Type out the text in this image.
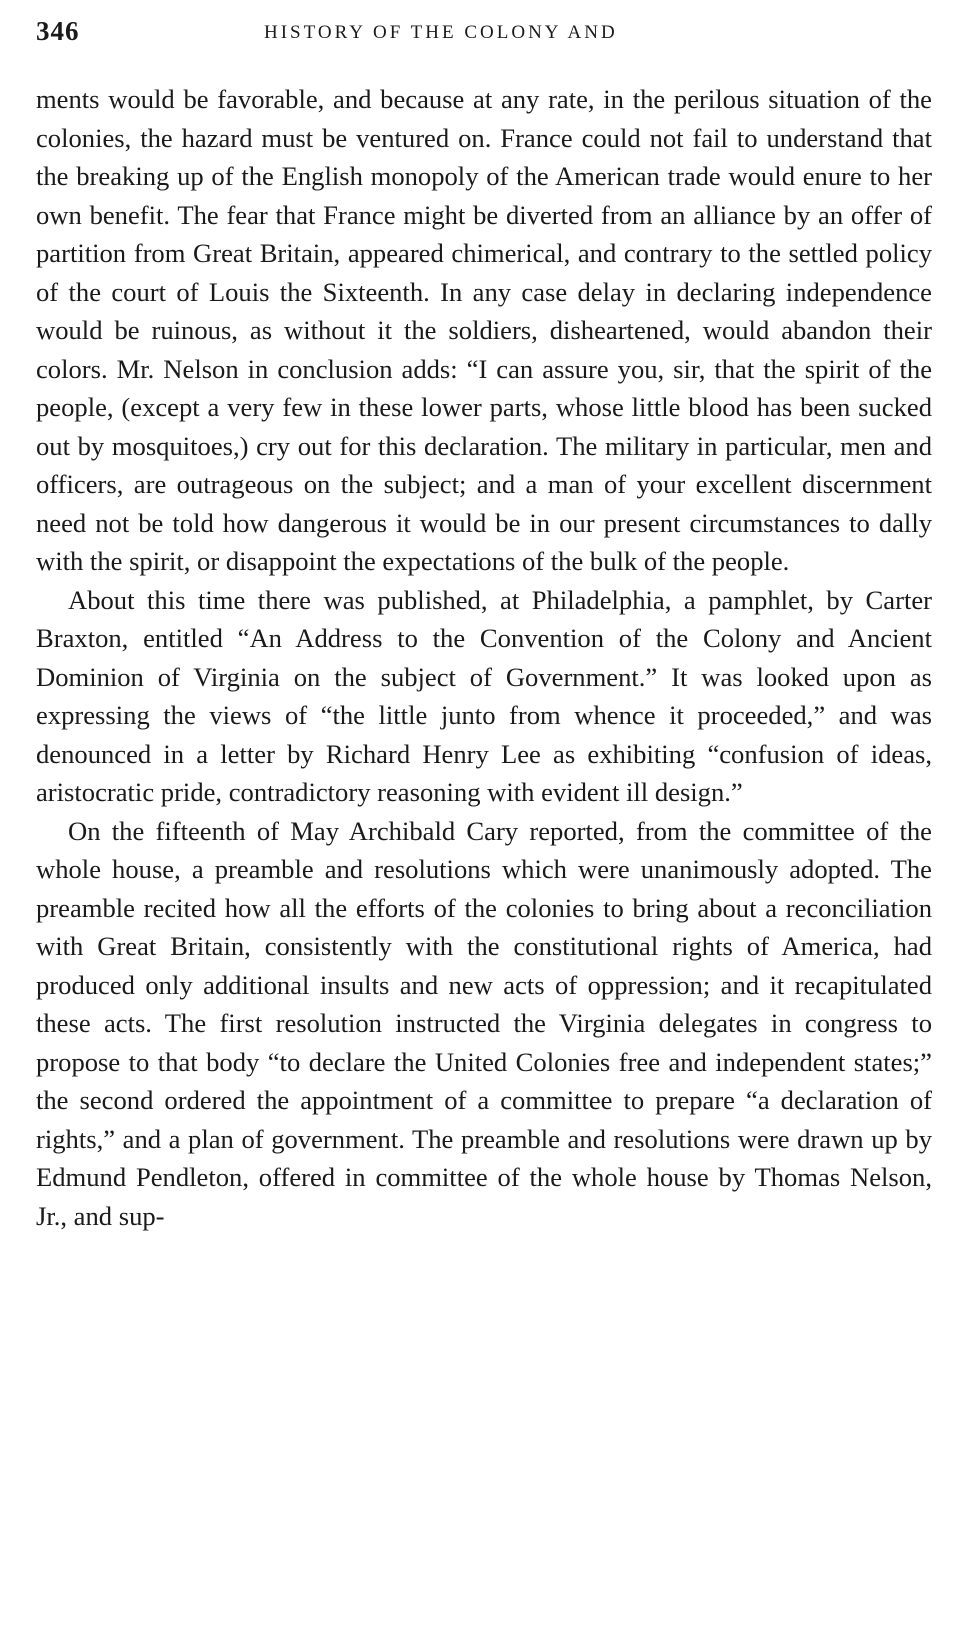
346	HISTORY OF THE COLONY AND

ments would be favorable, and because at any rate, in the perilous situation of the colonies, the hazard must be ventured on. France could not fail to understand that the breaking up of the English monopoly of the American trade would enure to her own benefit. The fear that France might be diverted from an alliance by an offer of partition from Great Britain, appeared chimerical, and contrary to the settled policy of the court of Louis the Sixteenth. In any case delay in declaring independence would be ruinous, as without it the soldiers, disheartened, would abandon their colors. Mr. Nelson in conclusion adds: “I can assure you, sir, that the spirit of the people, (except a very few in these lower parts, whose little blood has been sucked out by mosquitoes,) cry out for this declaration. The military in particular, men and officers, are outrageous on the subject; and a man of your excellent discernment need not be told how dangerous it would be in our present circumstances to dally with the spirit, or disappoint the expectations of the bulk of the people.

About this time there was published, at Philadelphia, a pamphlet, by Carter Braxton, entitled “An Address to the Convention of the Colony and Ancient Dominion of Virginia on the subject of Government.” It was looked upon as expressing the views of “the little junto from whence it proceeded,” and was denounced in a letter by Richard Henry Lee as exhibiting “confusion of ideas, aristocratic pride, contradictory reasoning with evident ill design.”

On the fifteenth of May Archibald Cary reported, from the committee of the whole house, a preamble and resolutions which were unanimously adopted. The preamble recited how all the efforts of the colonies to bring about a reconciliation with Great Britain, consistently with the constitutional rights of America, had produced only additional insults and new acts of oppression; and it recapitulated these acts. The first resolution instructed the Virginia delegates in congress to propose to that body “to declare the United Colonies free and independent states;” the second ordered the appointment of a committee to prepare “a declaration of rights,” and a plan of government. The preamble and resolutions were drawn up by Edmund Pendleton, offered in committee of the whole house by Thomas Nelson, Jr., and sup-
